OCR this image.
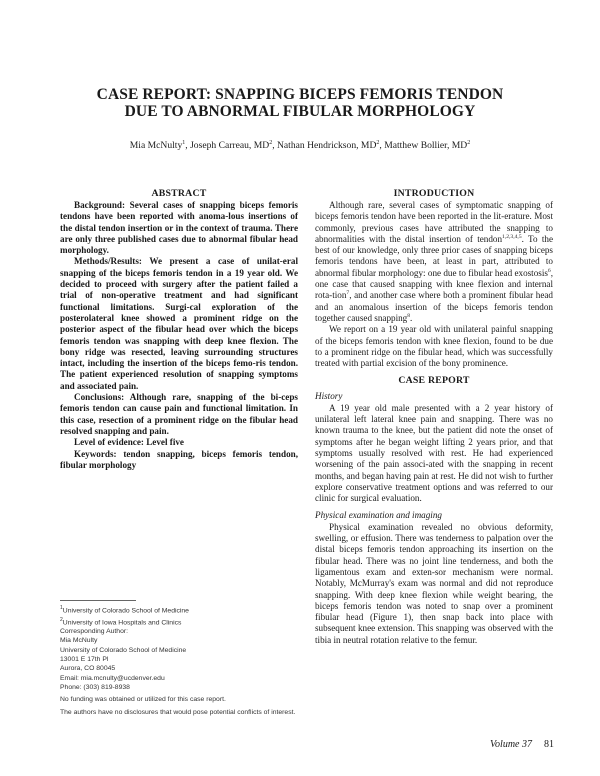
CASE REPORT: SNAPPING BICEPS FEMORIS TENDON
DUE TO ABNORMAL FIBULAR MORPHOLOGY
Mia McNulty$^1$, Joseph Carreau, $MD^2$, Nathan Hendrickson, $MD^2$, Matthew Bollier, $MD^2$
ABSTRACT

Background: Several cases of snapping biceps femoris tendons have been reported with anoma-lous insertions of the distal tendon insertion or in the context of trauma. There are only three published cases due to abnormal fibular head morphology.

Methods/Results: We present a case of unilat-eral snapping of the biceps femoris tendon in a 19 year old. We decided to proceed with surgery after the patient failed a trial of non-operative treatment and had significant functional limitations. Surgi-cal exploration of the posterolateral knee showed a prominent ridge on the posterior aspect of the fibular head over which the biceps femoris tendon was snapping with deep knee flexion. The bony ridge was resected, leaving surrounding structures intact, including the insertion of the biceps femo-ris tendon. The patient experienced resolution of snapping symptoms and associated pain.

Conclusions: Although rare, snapping of the bi-ceps femoris tendon can cause pain and functional limitation. In this case, resection of a prominent ridge on the fibular head resolved snapping and pain.

Level of evidence: Level five

Keywords: tendon snapping, biceps femoris tendon, fibular morphology

$^1$University of Colorado School of Medicine
$^2$University of Iowa Hospitals and Clinics
Corresponding Author:
Mia McNulty
University of Colorado School of Medicine
13001 E 17th Pl
Aurora, CO 80045
Email: mia.mcnulty@ucdenver.edu
Phone: (303) 819-8938
No funding was obtained or utilized for this case report.
The authors have no disclosures that would pose potential conflicts of interest.
INTRODUCTION

Although rare, several cases of symptomatic snapping of biceps femoris tendon have been reported in the lit-erature. Most commonly, previous cases have attributed the snapping to abnormalities with the distal insertion of tendon$^{1,2,3,4,5}$. To the best of our knowledge, only three prior cases of snapping biceps femoris tendons have been, at least in part, attributed to abnormal fibular morphology: one due to fibular head exostosis$^6$, one case that caused snapping with knee flexion and internal rota-tion$^7$, and another case where both a prominent fibular head and an anomalous insertion of the biceps femoris tendon together caused snapping$^8$.

We report on a 19 year old with unilateral painful snapping of the biceps femoris tendon with knee flexion, found to be due to a prominent ridge on the fibular head, which was successfully treated with partial excision of the bony prominence.

CASE REPORT

History

A 19 year old male presented with a 2 year history of unilateral left lateral knee pain and snapping. There was no known trauma to the knee, but the patient did note the onset of symptoms after he began weight lifting 2 years prior, and that symptoms usually resolved with rest. He had experienced worsening of the pain associ-ated with the snapping in recent months, and began having pain at rest. He did not wish to further explore conservative treatment options and was referred to our clinic for surgical evaluation.

Physical examination and imaging

Physical examination revealed no obvious deformity, swelling, or effusion. There was tenderness to palpation over the distal biceps femoris tendon approaching its insertion on the fibular head. There was no joint line tenderness, and both the ligamentous exam and exten-sor mechanism were normal. Notably, McMurray's exam was normal and did not reproduce snapping. With deep knee flexion while weight bearing, the biceps femoris tendon was noted to snap over a prominent fibular head (Figure 1), then snap back into place with subsequent knee extension. This snapping was observed with the tibia in neutral rotation relative to the femur.

Volume 37 81
